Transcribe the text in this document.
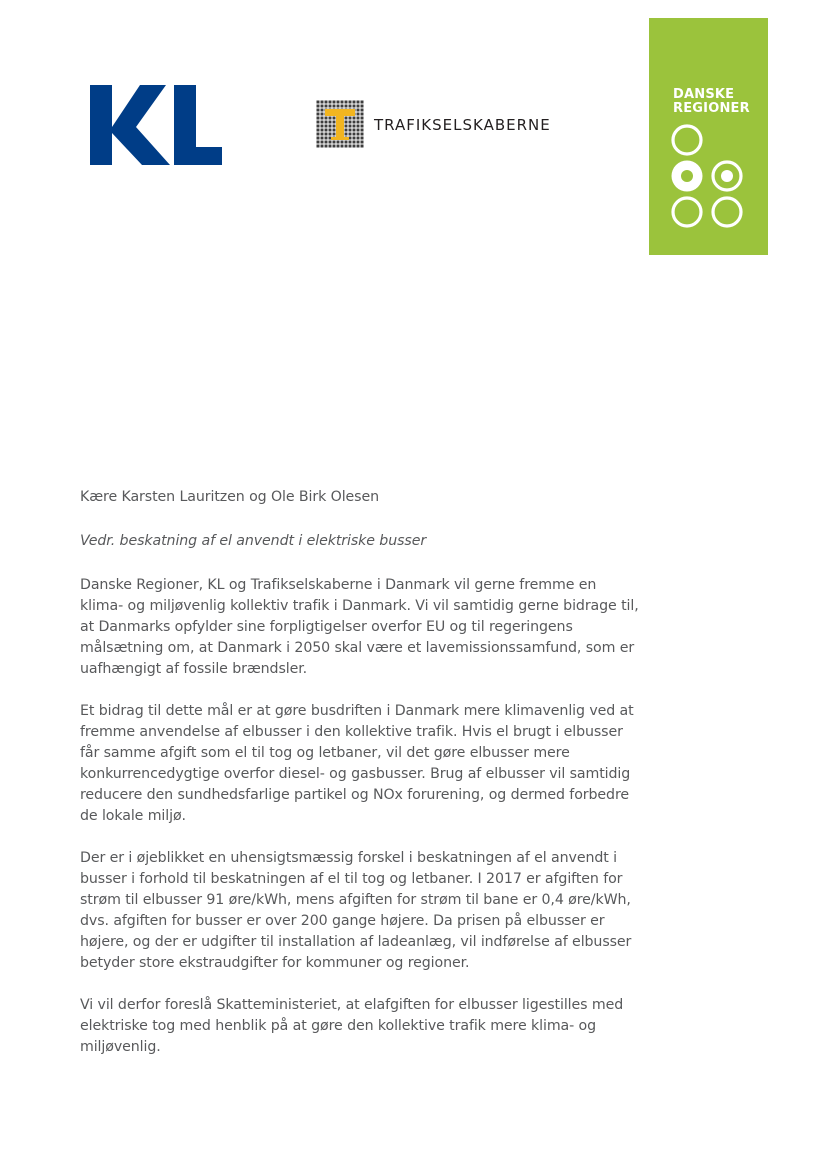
TRAFIKSELSKABERNE
DANSKE
REGIONER

Kære Karsten Lauritzen og Ole Birk Olesen

Vedr. beskatning af el anvendt i elektriske busser

Danske Regioner, KL og Trafikselskaberne i Danmark vil gerne fremme en klima- og miljøvenlig kollektiv trafik i Danmark. Vi vil samtidig gerne bidrage til, at Danmarks opfylder sine forpligtigelser overfor EU og til regeringens målsætning om, at Danmark i 2050 skal være et lavemissionssamfund, som er uafhængigt af fossile brændsler.

Et bidrag til dette mål er at gøre busdriften i Danmark mere klimavenlig ved at fremme anvendelse af elbusser i den kollektive trafik. Hvis el brugt i elbusser får samme afgift som el til tog og letbaner, vil det gøre elbusser mere konkurrencedygtige overfor diesel- og gasbusser. Brug af elbusser vil samtidig reducere den sundhedsfarlige partikel og NOx forurening, og dermed forbedre de lokale miljø.

Der er i øjeblikket en uhensigtsmæssig forskel i beskatningen af el anvendt i busser i forhold til beskatningen af el til tog og letbaner. I 2017 er afgiften for strøm til elbusser 91 øre/kWh, mens afgiften for strøm til bane er 0,4 øre/kWh, dvs. afgiften for busser er over 200 gange højere. Da prisen på elbusser er højere, og der er udgifter til installation af ladeanlæg, vil indførelse af elbusser betyder store ekstraudgifter for kommuner og regioner.

Vi vil derfor foreslå Skatteministeriet, at elafgiften for elbusser ligestilles med elektriske tog med henblik på at gøre den kollektive trafik mere klima- og miljøvenlig.
